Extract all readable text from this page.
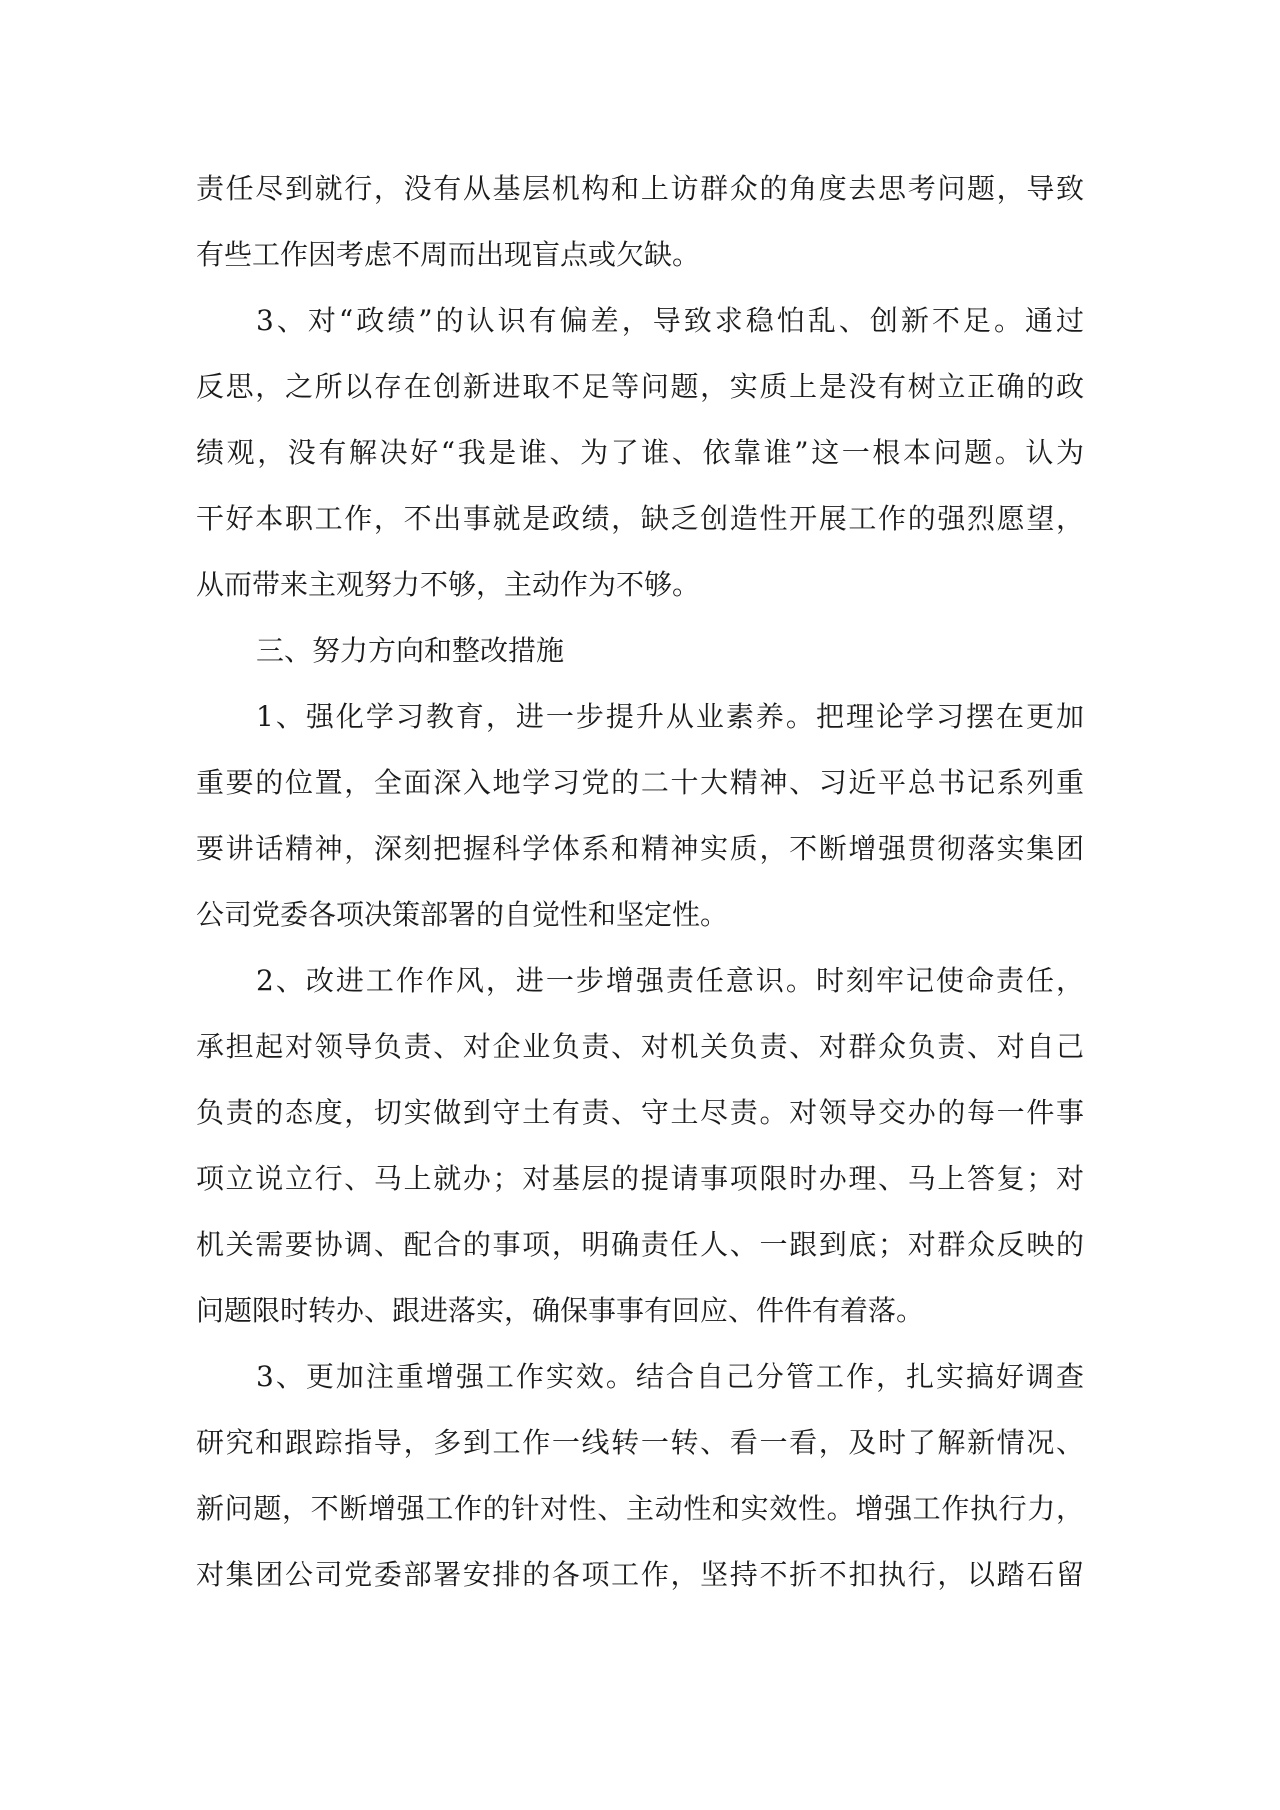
责任尽到就行，没有从基层机构和上访群众的角度去思考问题，导致
有些工作因考虑不周而出现盲点或欠缺。
3、对“政绩”的认识有偏差，导致求稳怕乱、创新不足。通过
反思，之所以存在创新进取不足等问题，实质上是没有树立正确的政
绩观，没有解决好“我是谁、为了谁、依靠谁”这一根本问题。认为
干好本职工作，不出事就是政绩，缺乏创造性开展工作的强烈愿望，
从而带来主观努力不够，主动作为不够。
三、努力方向和整改措施
1、强化学习教育，进一步提升从业素养。把理论学习摆在更加
重要的位置，全面深入地学习党的二十大精神、习近平总书记系列重
要讲话精神，深刻把握科学体系和精神实质，不断增强贯彻落实集团
公司党委各项决策部署的自觉性和坚定性。
2、改进工作作风，进一步增强责任意识。时刻牢记使命责任，
承担起对领导负责、对企业负责、对机关负责、对群众负责、对自己
负责的态度，切实做到守土有责、守土尽责。对领导交办的每一件事
项立说立行、马上就办；对基层的提请事项限时办理、马上答复；对
机关需要协调、配合的事项，明确责任人、一跟到底；对群众反映的
问题限时转办、跟进落实，确保事事有回应、件件有着落。
3、更加注重增强工作实效。结合自己分管工作，扎实搞好调查
研究和跟踪指导，多到工作一线转一转、看一看，及时了解新情况、
新问题，不断增强工作的针对性、主动性和实效性。增强工作执行力，
对集团公司党委部署安排的各项工作，坚持不折不扣执行，以踏石留
